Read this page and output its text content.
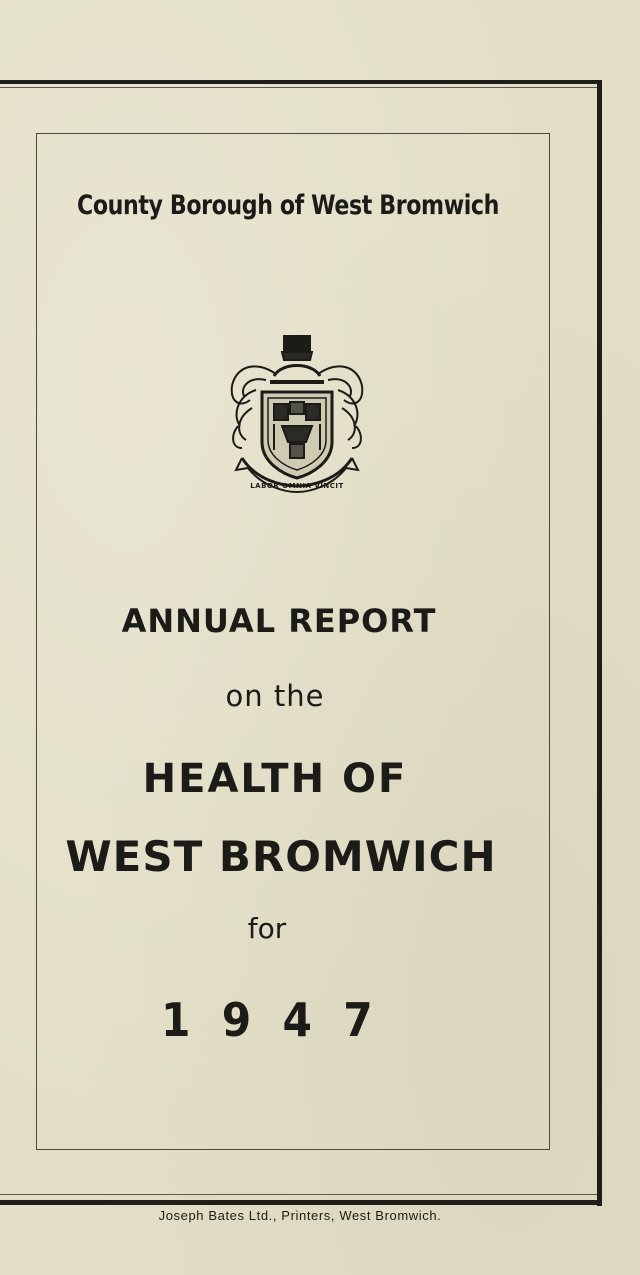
County Borough of West Bromwich
LABOR OMNIA VINCIT
ANNUAL REPORT
on the
HEALTH OF
WEST BROMWICH
for
1 9 4 7
Joseph Bates Ltd., Printers, West Bromwich.
